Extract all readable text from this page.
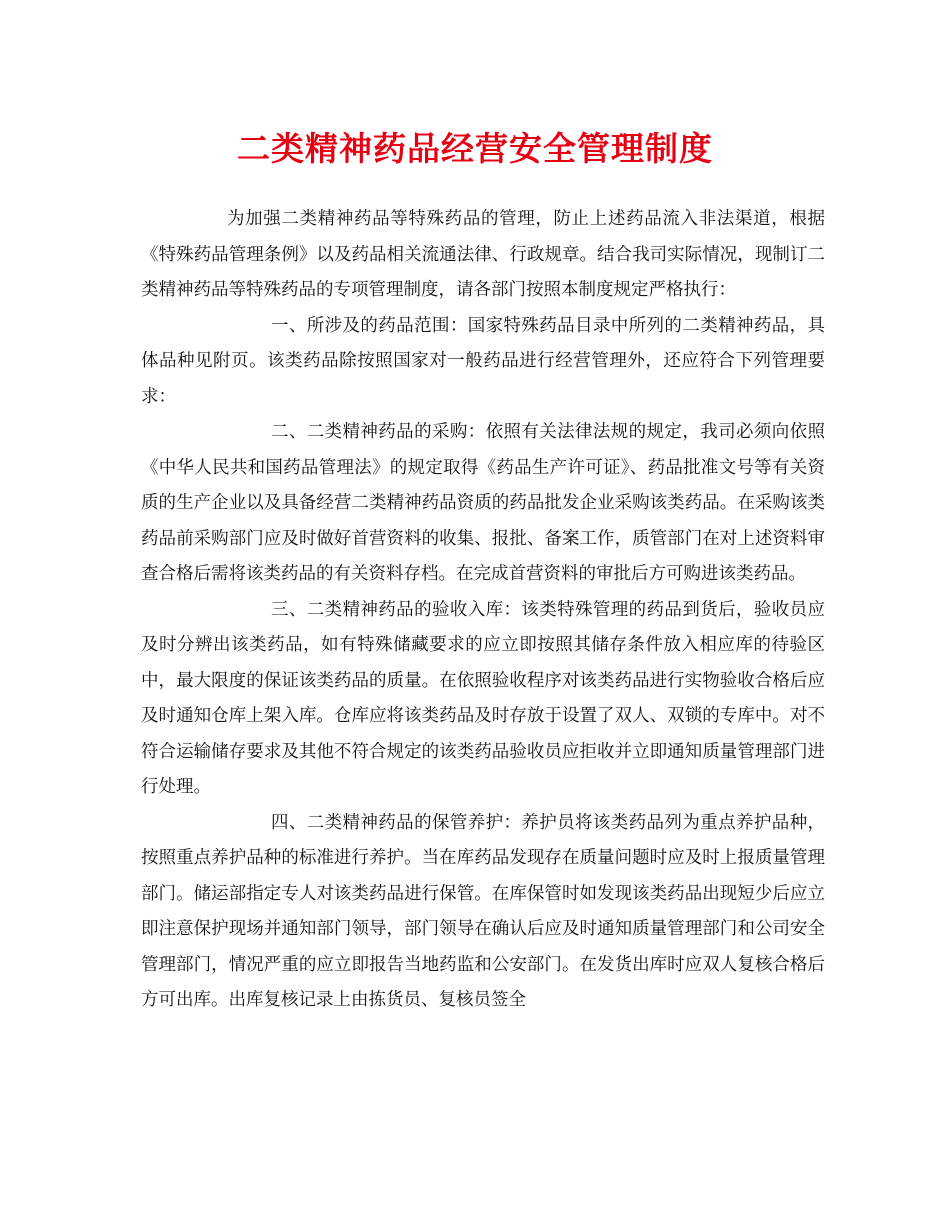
二类精神药品经营安全管理制度

为加强二类精神药品等特殊药品的管理，防止上述药品流入非法渠道，根据《特殊药品管理条例》以及药品相关流通法律、行政规章。结合我司实际情况，现制订二类精神药品等特殊药品的专项管理制度，请各部门按照本制度规定严格执行：

一、所涉及的药品范围：国家特殊药品目录中所列的二类精神药品，具体品种见附页。该类药品除按照国家对一般药品进行经营管理外，还应符合下列管理要求：

二、二类精神药品的采购：依照有关法律法规的规定，我司必须向依照《中华人民共和国药品管理法》的规定取得《药品生产许可证》、药品批准文号等有关资质的生产企业以及具备经营二类精神药品资质的药品批发企业采购该类药品。在采购该类药品前采购部门应及时做好首营资料的收集、报批、备案工作，质管部门在对上述资料审查合格后需将该类药品的有关资料存档。在完成首营资料的审批后方可购进该类药品。

三、二类精神药品的验收入库：该类特殊管理的药品到货后，验收员应及时分辨出该类药品，如有特殊储藏要求的应立即按照其储存条件放入相应库的待验区中，最大限度的保证该类药品的质量。在依照验收程序对该类药品进行实物验收合格后应及时通知仓库上架入库。仓库应将该类药品及时存放于设置了双人、双锁的专库中。对不符合运输储存要求及其他不符合规定的该类药品验收员应拒收并立即通知质量管理部门进行处理。

四、二类精神药品的保管养护：养护员将该类药品列为重点养护品种，按照重点养护品种的标准进行养护。当在库药品发现存在质量问题时应及时上报质量管理部门。储运部指定专人对该类药品进行保管。在库保管时如发现该类药品出现短少后应立即注意保护现场并通知部门领导，部门领导在确认后应及时通知质量管理部门和公司安全管理部门，情况严重的应立即报告当地药监和公安部门。在发货出库时应双人复核合格后方可出库。出库复核记录上由拣货员、复核员签全
